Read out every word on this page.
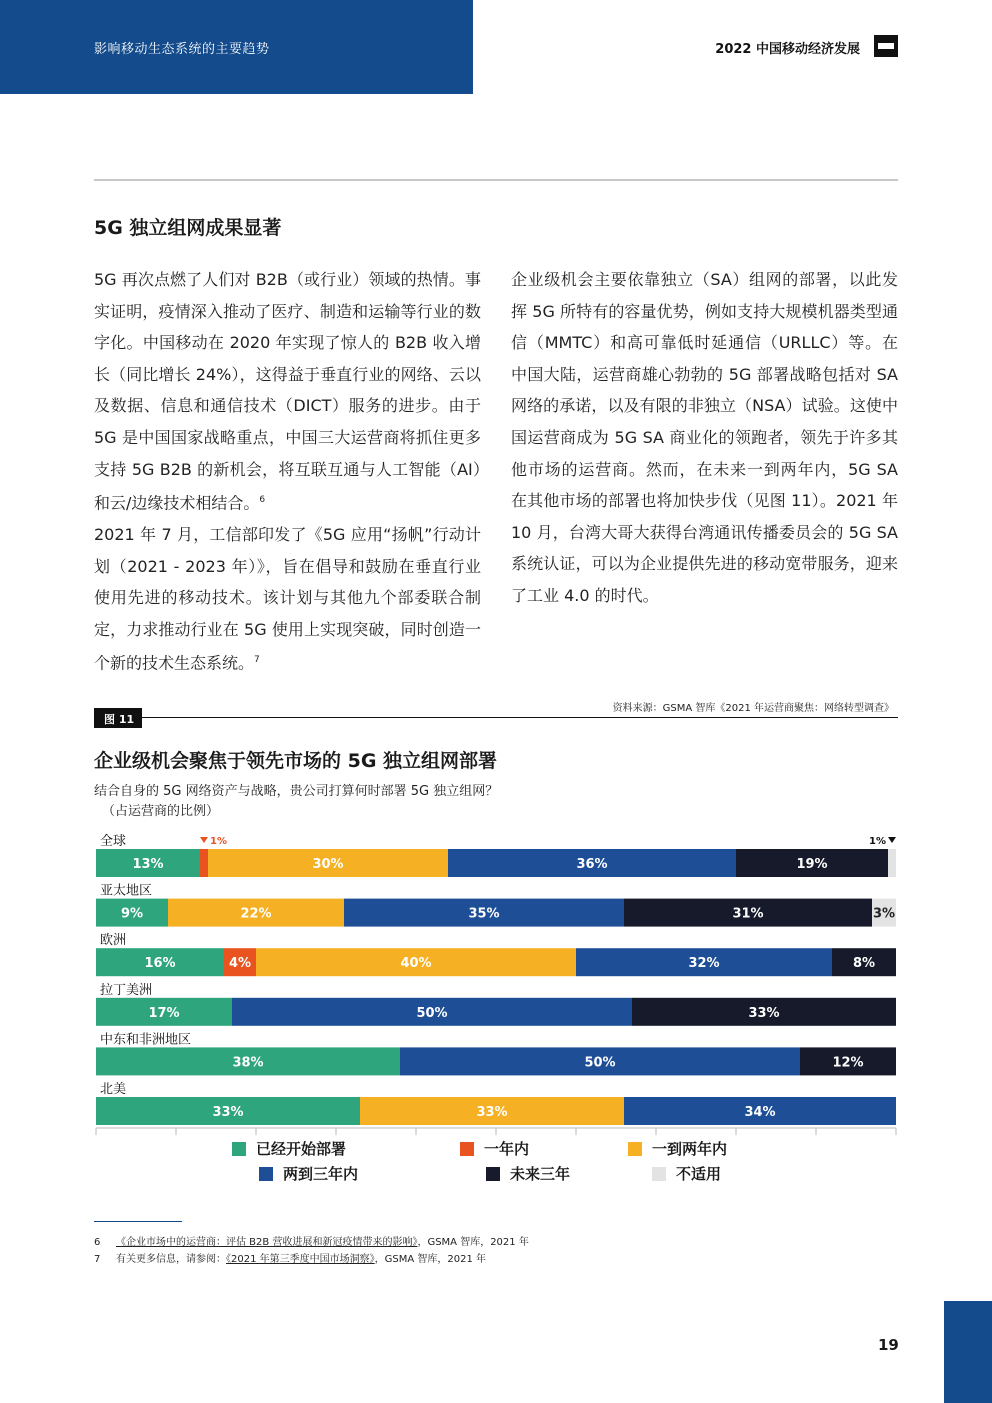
影响移动生态系统的主要趋势	2022 中国移动经济发展
5G 独立组网成果显著
5G 再次点燃了人们对 B2B（或行业）领域的热情。事实证明，疫情深入推动了医疗、制造和运输等行业的数字化。中国移动在 2020 年实现了惊人的 B2B 收入增长（同比增长 24%），这得益于垂直行业的网络、云以及数据、信息和通信技术（DICT）服务的进步。由于 5G 是中国国家战略重点，中国三大运营商将抓住更多支持 5G B2B 的新机会，将互联互通与人工智能（AI）和云/边缘技术相结合。$^6$
2021 年 7 月，工信部印发了《5G 应用“扬帆”行动计划（2021 - 2023 年）》，旨在倡导和鼓励在垂直行业使用先进的移动技术。该计划与其他九个部委联合制定，力求推动行业在 5G 使用上实现突破，同时创造一个新的技术生态系统。$^7$
企业级机会主要依靠独立（SA）组网的部署，以此发挥 5G 所特有的容量优势，例如支持大规模机器类型通信（MMTC）和高可靠低时延通信（URLLC）等。在中国大陆，运营商雄心勃勃的 5G 部署战略包括对 SA 网络的承诺，以及有限的非独立（NSA）试验。这使中国运营商成为 5G SA 商业化的领跑者，领先于许多其他市场的运营商。然而，在未来一到两年内，5G SA 在其他市场的部署也将加快步伐（见图 11）。2021 年 10 月，台湾大哥大获得台湾通讯传播委员会的 5G SA 系统认证，可以为企业提供先进的移动宽带服务，迎来了工业 4.0 的时代。
图 11
资料来源：GSMA 智库《2021 年运营商聚焦：网络转型调查》
企业级机会聚焦于领先市场的 5G 独立组网部署
结合自身的 5G 网络资产与战略，贵公司打算何时部署 5G 独立组网？
（占运营商的比例）
全球
13%	30%	36%	19%
亚太地区
9%	22%	35%	31%	3%
欧洲
16%	4%	40%	32%	8%
拉丁美洲
17%	50%	33%
中东和非洲地区
38%	50%	12%
北美
33%	33%	34%
1%	1%
已经开始部署	一年内	一到两年内
两到三年内	未来三年	不适用
6 《企业市场中的运营商：评估 B2B 营收进展和新冠疫情带来的影响》，GSMA 智库，2021 年
7 有关更多信息，请参阅：《2021 年第三季度中国市场洞察》，GSMA 智库，2021 年
19
